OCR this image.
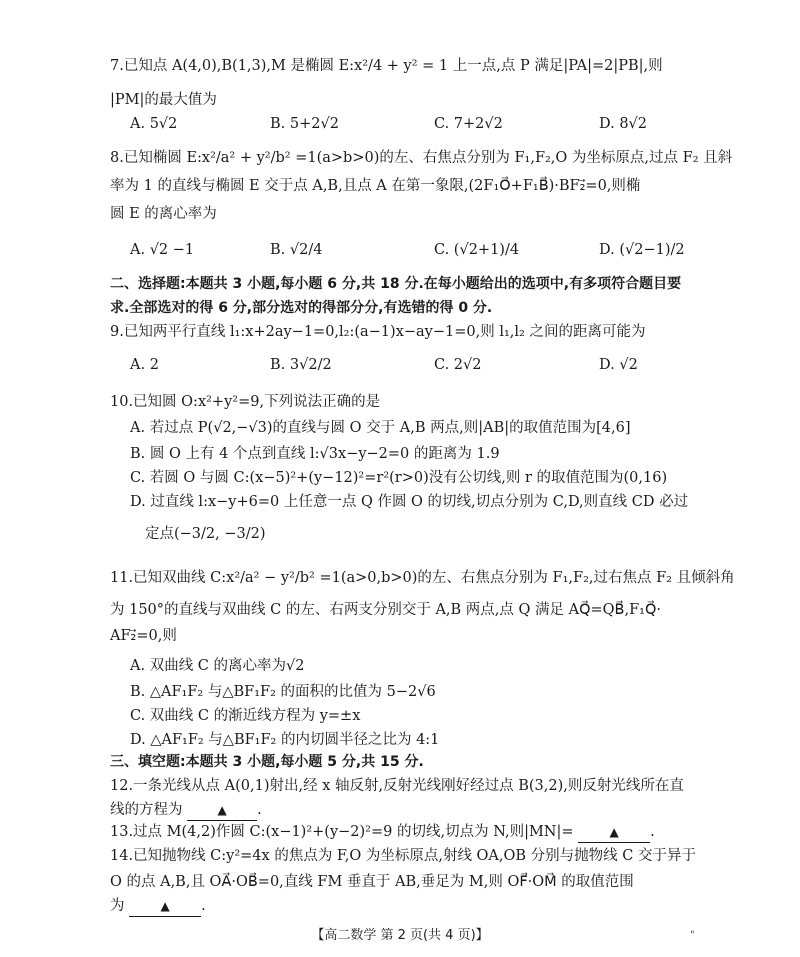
7.已知点 A(4,0),B(1,3),M 是椭圆 E:x²/4 + y² = 1 上一点,点 P 满足|PA|=2|PB|,则
|PM|的最大值为
A. 5√2	B. 5+2√2	C. 7+2√2	D. 8√2
8.已知椭圆 E:x²/a² + y²/b² =1(a>b>0)的左、右焦点分别为 F₁,F₂,O 为坐标原点,过点 F₂ 且斜
率为 1 的直线与椭圆 E 交于点 A,B,且点 A 在第一象限,(2F₁O⃗+F₁B⃗)·BF₂⃗=0,则椭
圆 E 的离心率为
A. √2 −1	B. √2/4	C. (√2+1)/4	D. (√2−1)/2
二、选择题:本题共 3 小题,每小题 6 分,共 18 分.在每小题给出的选项中,有多项符合题目要
求.全部选对的得 6 分,部分选对的得部分分,有选错的得 0 分.
9.已知两平行直线 l₁:x+2ay−1=0,l₂:(a−1)x−ay−1=0,则 l₁,l₂ 之间的距离可能为
A. 2	B. 3√2/2	C. 2√2	D. √2
10.已知圆 O:x²+y²=9,下列说法正确的是
A. 若过点 P(√2,−√3)的直线与圆 O 交于 A,B 两点,则|AB|的取值范围为[4,6]
B. 圆 O 上有 4 个点到直线 l:√3x−y−2=0 的距离为 1.9
C. 若圆 O 与圆 C:(x−5)²+(y−12)²=r²(r>0)没有公切线,则 r 的取值范围为(0,16)
D. 过直线 l:x−y+6=0 上任意一点 Q 作圆 O 的切线,切点分别为 C,D,则直线 CD 必过
定点(−3/2, −3/2)
11.已知双曲线 C:x²/a² − y²/b² =1(a>0,b>0)的左、右焦点分别为 F₁,F₂,过右焦点 F₂ 且倾斜角
为 150°的直线与双曲线 C 的左、右两支分别交于 A,B 两点,点 Q 满足 AQ⃗=QB⃗,F₁Q⃗·
AF₂⃗=0,则
A. 双曲线 C 的离心率为√2
B. △AF₁F₂ 与△BF₁F₂ 的面积的比值为 5−2√6
C. 双曲线 C 的渐近线方程为 y=±x
D. △AF₁F₂ 与△BF₁F₂ 的内切圆半径之比为 4:1
三、填空题:本题共 3 小题,每小题 5 分,共 15 分.
12.一条光线从点 A(0,1)射出,经 x 轴反射,反射光线刚好经过点 B(3,2),则反射光线所在直
线的方程为	▲ .
13.过点 M(4,2)作圆 C:(x−1)²+(y−2)²=9 的切线,切点为 N,则|MN|=	▲ .
14.已知抛物线 C:y²=4x 的焦点为 F,O 为坐标原点,射线 OA,OB 分别与抛物线 C 交于异于
O 的点 A,B,且 OA⃗·OB⃗=0,直线 FM 垂直于 AB,垂足为 M,则 OF⃗·OM⃗ 的取值范围
为	▲ .
【高二数学 第 2 页(共 4 页)】	"
